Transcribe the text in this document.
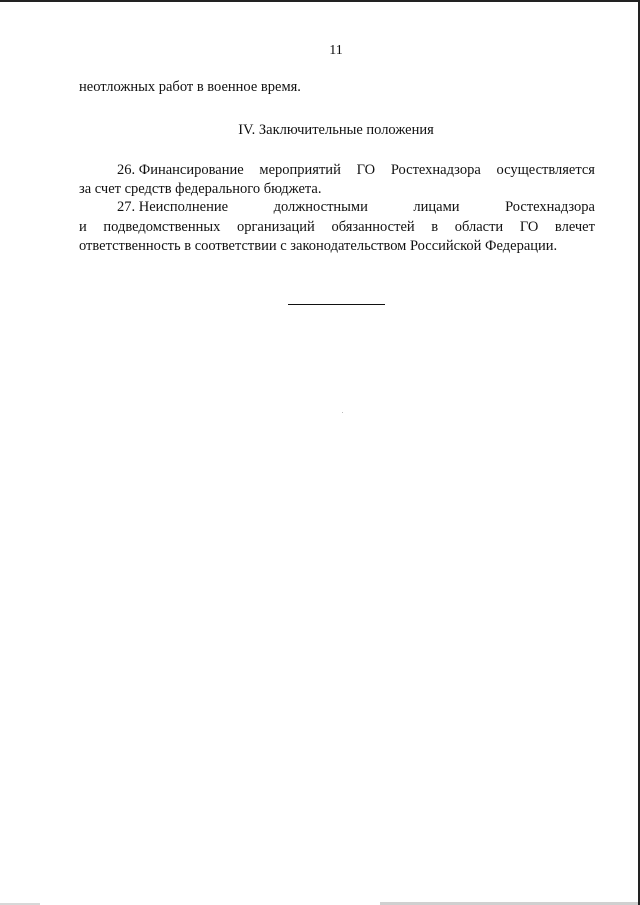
11
неотложных работ в военное время.
IV. Заключительные положения
26. Финансирование мероприятий ГО Ростехнадзора осуществляется
за счет средств федерального бюджета.
27. Неисполнение	должностными	лицами	Ростехнадзора
и подведомственных организаций обязанностей в области ГО влечет
ответственность в соответствии с законодательством Российской Федерации.
